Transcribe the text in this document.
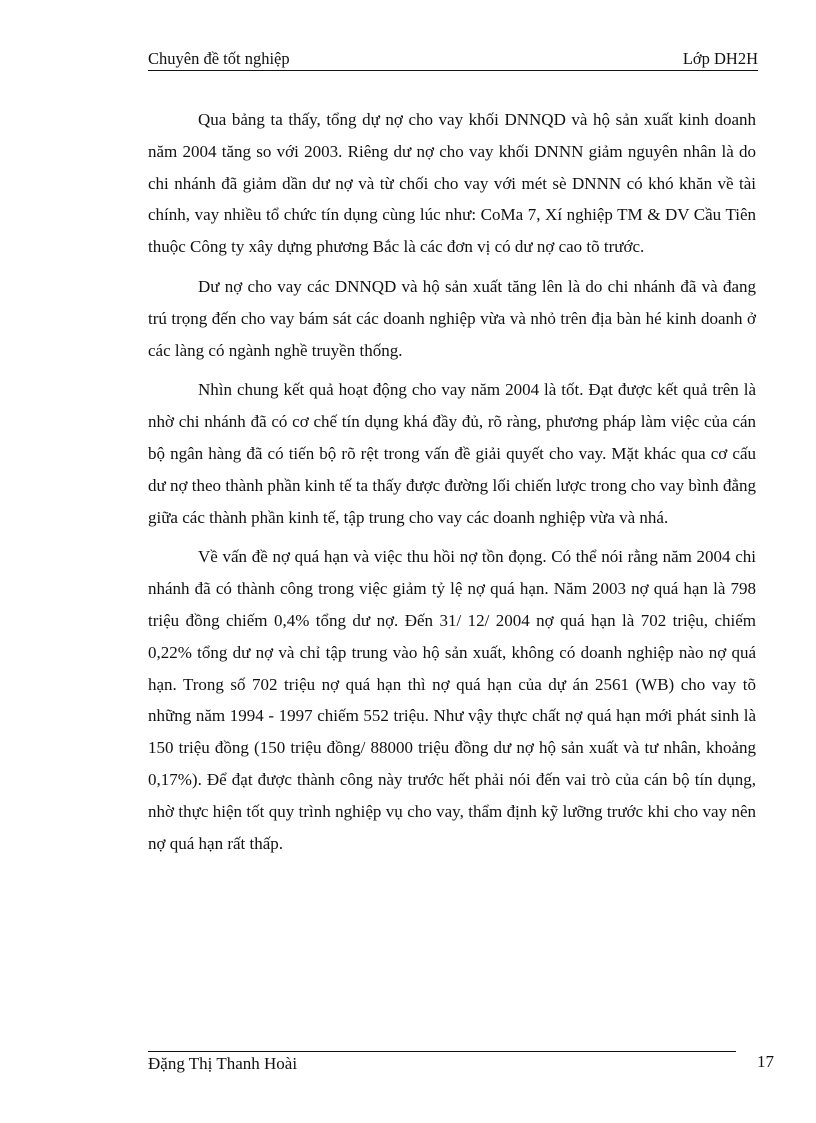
Chuyên đề tốt nghiệp	Lớp DH2H

Qua bảng ta thấy, tổng dự nợ cho vay khối DNNQD và hộ sản xuất kinh doanh năm 2004 tăng so với 2003. Riêng dư nợ cho vay khối DNNN giảm nguyên nhân là do chi nhánh đã giảm dần dư nợ và từ chối cho vay với mét sè DNNN có khó khăn về tài chính, vay nhiều tổ chức tín dụng cùng lúc như: CoMa 7, Xí nghiệp TM & DV Cầu Tiên thuộc Công ty xây dựng phương Bắc là các đơn vị có dư nợ cao tõ trước.

Dư nợ cho vay các DNNQD và hộ sản xuất tăng lên là do chi nhánh đã và đang trú trọng đến cho vay bám sát các doanh nghiệp vừa và nhỏ trên địa bàn hé kinh doanh ở các làng có ngành nghề truyền thống.

Nhìn chung kết quả hoạt động cho vay năm 2004 là tốt. Đạt được kết quả trên là nhờ chi nhánh đã có cơ chế tín dụng khá đầy đủ, rõ ràng, phương pháp làm việc của cán bộ ngân hàng đã có tiến bộ rõ rệt trong vấn đề giải quyết cho vay. Mặt khác qua cơ cấu dư nợ theo thành phần kinh tế ta thấy được đường lối chiến lược trong cho vay bình đẳng giữa các thành phần kinh tế, tập trung cho vay các doanh nghiệp vừa và nhá.

Về vấn đề nợ quá hạn và việc thu hồi nợ tồn đọng. Có thể nói rằng năm 2004 chi nhánh đã có thành công trong việc giảm tỷ lệ nợ quá hạn. Năm 2003 nợ quá hạn là 798 triệu đồng chiếm 0,4% tổng dư nợ. Đến 31/ 12/ 2004 nợ quá hạn là 702 triệu, chiếm 0,22% tổng dư nợ và chỉ tập trung vào hộ sản xuất, không có doanh nghiệp nào nợ quá hạn. Trong số 702 triệu nợ quá hạn thì nợ quá hạn của dự án 2561 (WB) cho vay tõ những năm 1994 - 1997 chiếm 552 triệu. Như vậy thực chất nợ quá hạn mới phát sinh là 150 triệu đồng (150 triệu đồng/ 88000 triệu đồng dư nợ hộ sản xuất và tư nhân, khoảng 0,17%). Để đạt được thành công này trước hết phải nói đến vai trò của cán bộ tín dụng, nhờ thực hiện tốt quy trình nghiệp vụ cho vay, thẩm định kỹ lưỡng trước khi cho vay nên nợ quá hạn rất thấp.

Đặng Thị Thanh Hoài	17
